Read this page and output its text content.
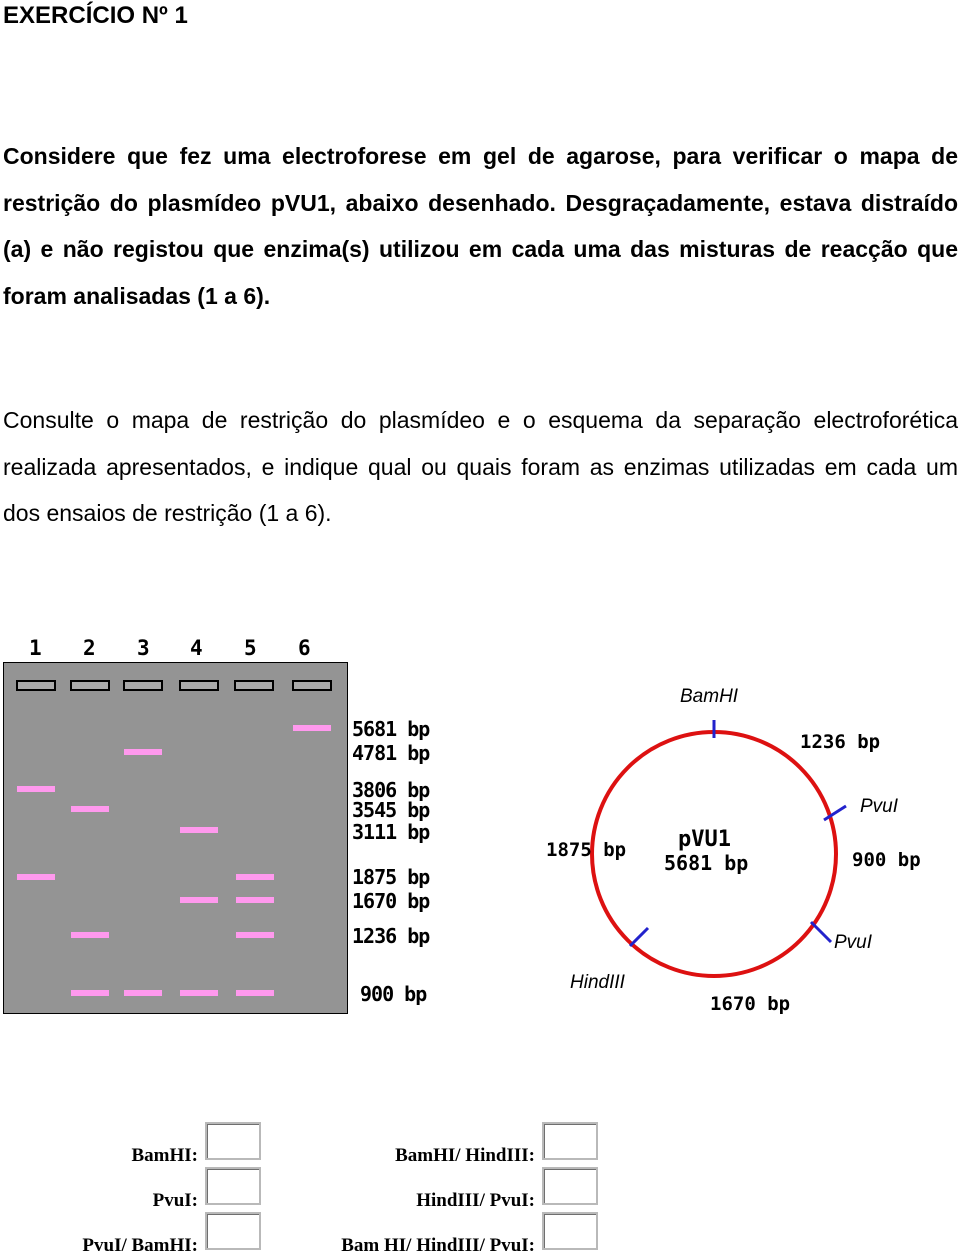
EXERCÍCIO Nº 1
Considere que fez uma electroforese em gel de agarose, para verificar o mapa de restrição do plasmídeo pVU1, abaixo desenhado. Desgraçadamente, estava distraído (a) e não registou que enzima(s) utilizou em cada uma das misturas de reacção que foram analisadas (1 a 6).
Consulte o mapa de restrição do plasmídeo e o esquema da separação electroforética realizada apresentados, e indique qual ou quais foram as enzimas utilizadas em cada um dos ensaios de restrição (1 a 6).
1 2 3 4 5 6
5681 bp
4781 bp
3806 bp
3545 bp
3111 bp
1875 bp
1670 bp
1236 bp
900 bp
BamHI
PvuI
PvuI
HindIII
1236 bp
900 bp
1670 bp
1875 bp pVU1
5681 bp
BamHI:
PvuI:
PvuI/ BamHI:
BamHI/ HindIII:
HindIII/ PvuI:
Bam HI/ HindIII/ PvuI:
